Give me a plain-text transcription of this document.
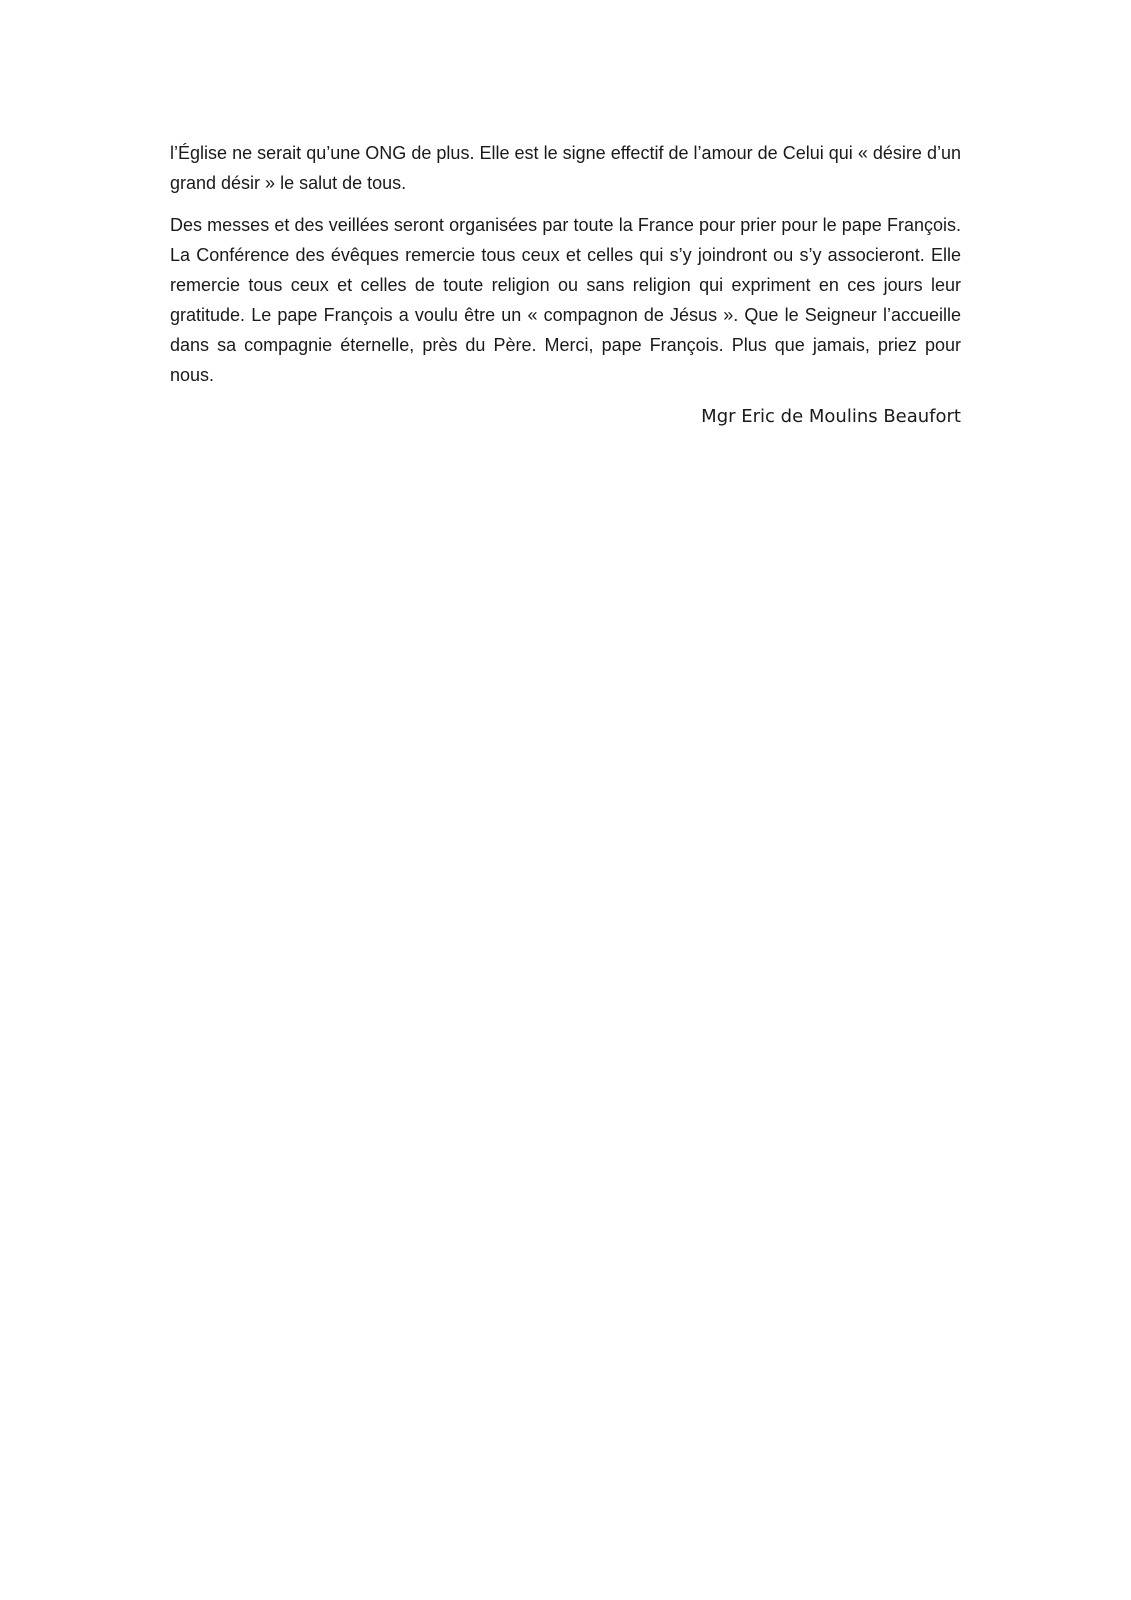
l’Église ne serait qu’une ONG de plus. Elle est le signe effectif de l’amour de Celui qui « désire d’un grand désir » le salut de tous.

Des messes et des veillées seront organisées par toute la France pour prier pour le pape François. La Conférence des évêques remercie tous ceux et celles qui s’y joindront ou s’y associeront. Elle remercie tous ceux et celles de toute religion ou sans religion qui expriment en ces jours leur gratitude. Le pape François a voulu être un « compagnon de Jésus ». Que le Seigneur l’accueille dans sa compagnie éternelle, près du Père. Merci, pape François. Plus que jamais, priez pour nous.

Mgr Eric de Moulins Beaufort
